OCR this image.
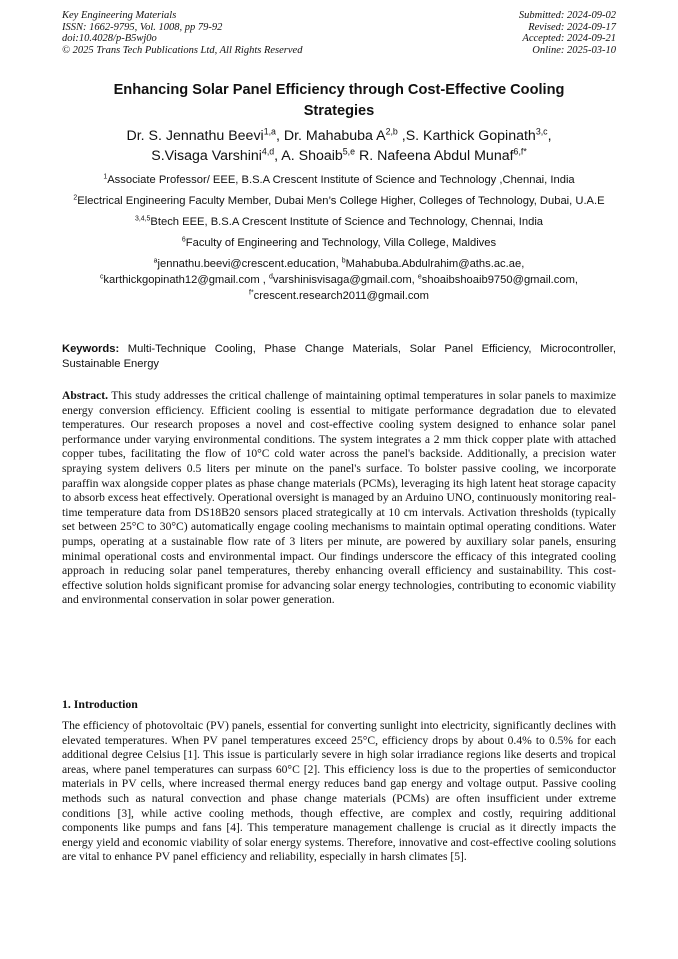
Key Engineering Materials
ISSN: 1662-9795, Vol. 1008, pp 79-92
doi:10.4028/p-B5wj0o
© 2025 Trans Tech Publications Ltd, All Rights Reserved
Submitted: 2024-09-02
Revised: 2024-09-17
Accepted: 2024-09-21
Online: 2025-03-10
Enhancing Solar Panel Efficiency through Cost-Effective Cooling
Strategies
Dr. S. Jennathu Beevi$^{1,a}$, Dr. Mahabuba A$^{2,b}$ ,S. Karthick Gopinath$^{3,c}$,
S.Visaga Varshini$^{4,d}$, A. Shoaib$^{5,e}$ R. Nafeena Abdul Munaf$^{6,f*}$

$^1$Associate Professor/ EEE, B.S.A Crescent Institute of Science and Technology ,Chennai, India

$^2$Electrical Engineering Faculty Member, Dubai Men’s College Higher, Colleges of Technology, Dubai, U.A.E

$^{3,4,5}$Btech EEE, B.S.A Crescent Institute of Science and Technology, Chennai, India

$^6$Faculty of Engineering and Technology, Villa College, Maldives

$^a$jennathu.beevi@crescent.education, $^b$Mahabuba.Abdulrahim@aths.ac.ae,

$^c$karthickgopinath12@gmail.com , $^d$varshinisvisaga@gmail.com, $^e$shoaibshoaib9750@gmail.com,

$^{f*}$crescent.research2011@gmail.com

Keywords: Multi-Technique Cooling, Phase Change Materials, Solar Panel Efficiency, Microcontroller, Sustainable Energy
Abstract. This study addresses the critical challenge of maintaining optimal temperatures in solar panels to maximize energy conversion efficiency. Efficient cooling is essential to mitigate performance degradation due to elevated temperatures. Our research proposes a novel and cost-effective cooling system designed to enhance solar panel performance under varying environmental conditions. The system integrates a 2 mm thick copper plate with attached copper tubes, facilitating the flow of 10°C cold water across the panel's backside. Additionally, a precision water spraying system delivers 0.5 liters per minute on the panel's surface. To bolster passive cooling, we incorporate paraffin wax alongside copper plates as phase change materials (PCMs), leveraging its high latent heat storage capacity to absorb excess heat effectively. Operational oversight is managed by an Arduino UNO, continuously monitoring real-time temperature data from DS18B20 sensors placed strategically at 10 cm intervals. Activation thresholds (typically set between 25°C to 30°C) automatically engage cooling mechanisms to maintain optimal operating conditions. Water pumps, operating at a sustainable flow rate of 3 liters per minute, are powered by auxiliary solar panels, ensuring minimal operational costs and environmental impact. Our findings underscore the efficacy of this integrated cooling approach in reducing solar panel temperatures, thereby enhancing overall efficiency and sustainability. This cost-effective solution holds significant promise for advancing solar energy technologies, contributing to economic viability and environmental conservation in solar power generation.
1. Introduction
The efficiency of photovoltaic (PV) panels, essential for converting sunlight into electricity, significantly declines with elevated temperatures. When PV panel temperatures exceed 25°C, efficiency drops by about 0.4% to 0.5% for each additional degree Celsius [1]. This issue is particularly severe in high solar irradiance regions like deserts and tropical areas, where panel temperatures can surpass 60°C [2]. This efficiency loss is due to the properties of semiconductor materials in PV cells, where increased thermal energy reduces band gap energy and voltage output. Passive cooling methods such as natural convection and phase change materials (PCMs) are often insufficient under extreme conditions [3], while active cooling methods, though effective, are complex and costly, requiring additional components like pumps and fans [4]. This temperature management challenge is crucial as it directly impacts the energy yield and economic viability of solar energy systems. Therefore, innovative and cost-effective cooling solutions are vital to enhance PV panel efficiency and reliability, especially in harsh climates [5].
